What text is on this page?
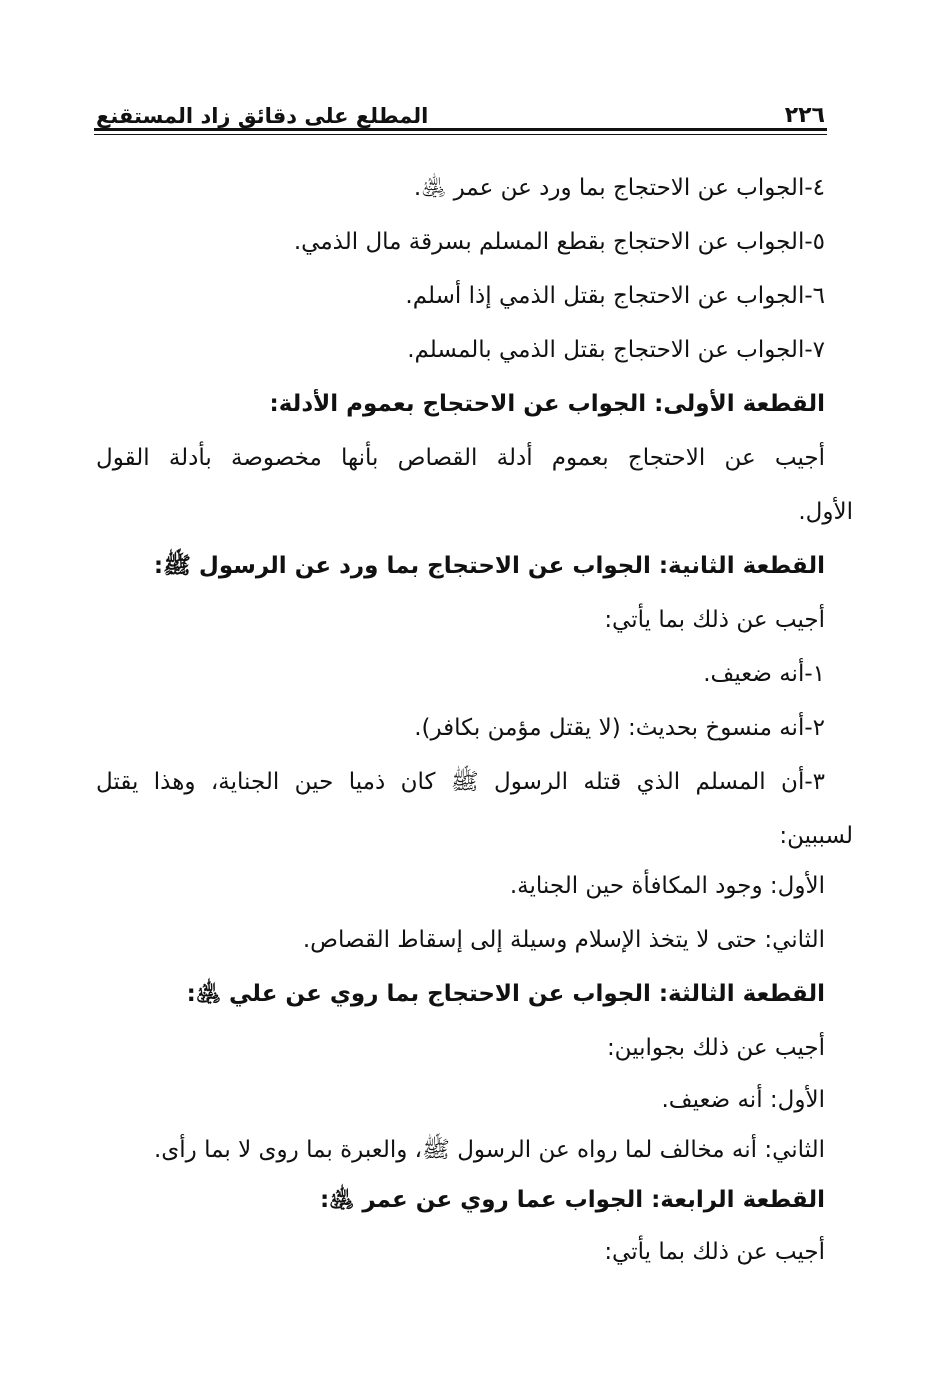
٢٢٦
المطلع على دقائق زاد المستقنع
٤-الجواب عن الاحتجاج بما ورد عن عمر ﵁.
٥-الجواب عن الاحتجاج بقطع المسلم بسرقة مال الذمي.
٦-الجواب عن الاحتجاج بقتل الذمي إذا أسلم.
٧-الجواب عن الاحتجاج بقتل الذمي بالمسلم.
القطعة الأولى: الجواب عن الاحتجاج بعموم الأدلة:
أجيب عن الاحتجاج بعموم أدلة القصاص بأنها مخصوصة بأدلة القول
الأول.
القطعة الثانية: الجواب عن الاحتجاج بما ورد عن الرسول ﷺ:
أجيب عن ذلك بما يأتي:
١-أنه ضعيف.
٢-أنه منسوخ بحديث: (لا يقتل مؤمن بكافر).
٣-أن المسلم الذي قتله الرسول ﷺ كان ذميا حين الجناية، وهذا يقتل
لسببين:
الأول: وجود المكافأة حين الجناية.
الثاني: حتى لا يتخذ الإسلام وسيلة إلى إسقاط القصاص.
القطعة الثالثة: الجواب عن الاحتجاج بما روي عن علي ﵁:
أجيب عن ذلك بجوابين:
الأول: أنه ضعيف.
الثاني: أنه مخالف لما رواه عن الرسول ﷺ، والعبرة بما روى لا بما رأى.
القطعة الرابعة: الجواب عما روي عن عمر ﵁:
أجيب عن ذلك بما يأتي:
